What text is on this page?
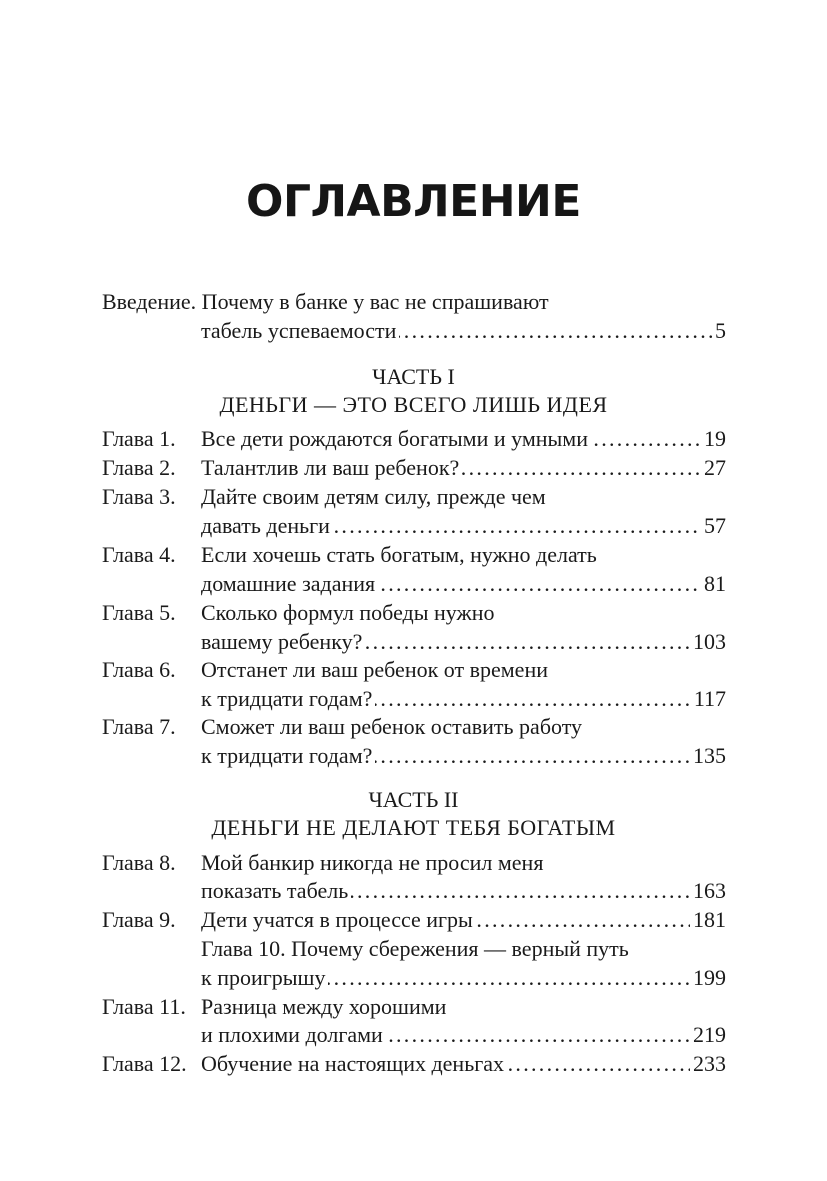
ОГЛАВЛЕНИЕ
Введение. Почему в банке у вас не спрашивают
. . . табель успеваемости	5
ЧАСТЬ I
ДЕНЬГИ — ЭТО ВСЕГО ЛИШЬ ИДЕЯ
. . . Глава 1. Все дети рождаются богатыми и умными	19
. . . Глава 2. Талантлив ли ваш ребенок?	27
Глава 3. Дайте своим детям силу, прежде чем
. . . давать деньги	57
Глава 4. Если хочешь стать богатым, нужно делать
. . . домашние задания	81
Глава 5. Сколько формул победы нужно
. . . вашему ребенку?	103
Глава 6. Отстанет ли ваш ребенок от времени
. . . к тридцати годам?	117
Глава 7. Сможет ли ваш ребенок оставить работу
. . . к тридцати годам?	135
ЧАСТЬ II
ДЕНЬГИ НЕ ДЕЛАЮТ ТЕБЯ БОГАТЫМ
Глава 8. Мой банкир никогда не просил меня
. . . показать табель	163
. . . Глава 9. Дети учатся в процессе игры	181
Глава 10. Почему сбережения — верный путь
. . . к проигрышу	199
Глава 11. Разница между хорошими
. . . и плохими долгами	219
. . . Глава 12. Обучение на настоящих деньгах	233
